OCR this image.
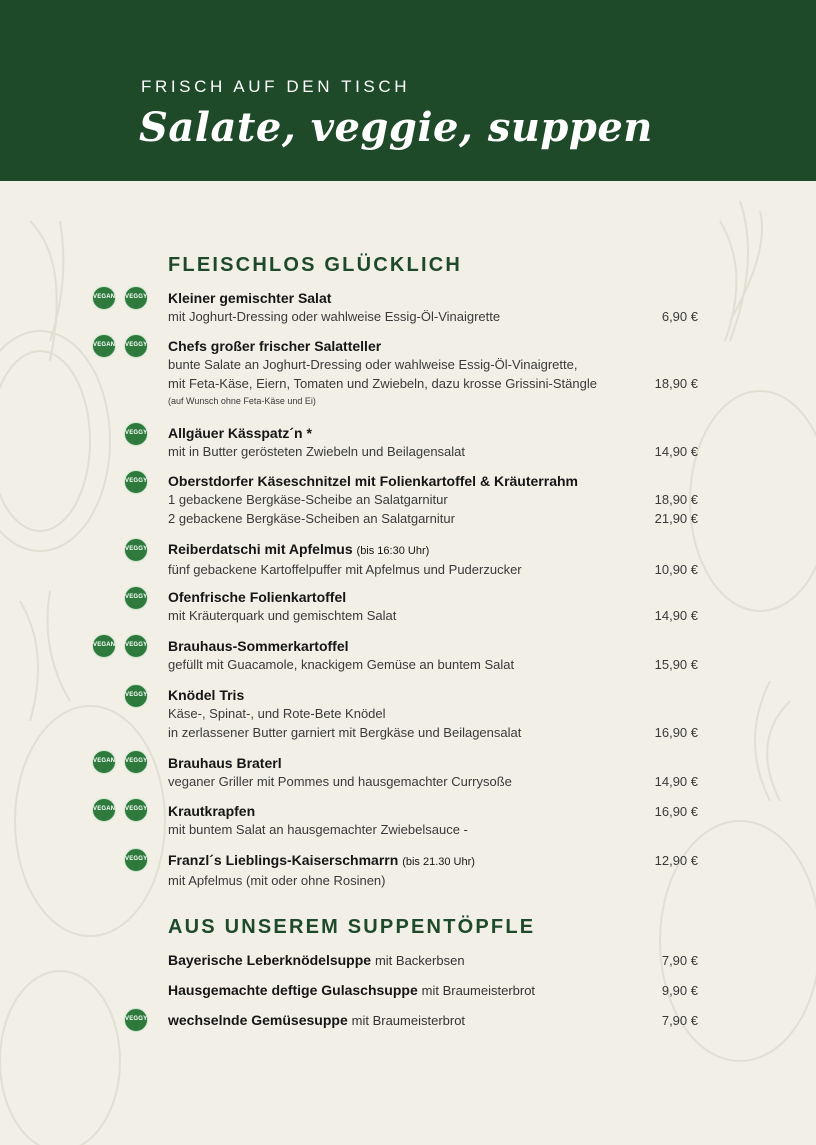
FRISCH AUF DEN TISCH
Salate, veggie, suppen
FLEISCHLOS GLÜCKLICH
VEGAN VEGGY Kleiner gemischter Salat
mit Joghurt-Dressing oder wahlweise Essig-Öl-Vinaigrette	6,90 €
VEGAN VEGGY Chefs großer frischer Salatteller
bunte Salate an Joghurt-Dressing oder wahlweise Essig-Öl-Vinaigrette,
mit Feta-Käse, Eiern, Tomaten und Zwiebeln, dazu krosse Grissini-Stängle	18,90 €
(auf Wunsch ohne Feta-Käse und Ei)
VEGGY Allgäuer Kässpatz´n *
mit in Butter gerösteten Zwiebeln und Beilagensalat	14,90 €
VEGGY Oberstdorfer Käseschnitzel mit Folienkartoffel & Kräuterrahm
1 gebackene Bergkäse-Scheibe an Salatgarnitur	18,90 €
2 gebackene Bergkäse-Scheiben an Salatgarnitur	21,90 €
VEGGY Reiberdatschi mit Apfelmus (bis 16:30 Uhr)
fünf gebackene Kartoffelpuffer mit Apfelmus und Puderzucker	10,90 €
VEGGY Ofenfrische Folienkartoffel
mit Kräuterquark und gemischtem Salat	14,90 €
VEGAN VEGGY Brauhaus-Sommerkartoffel
gefüllt mit Guacamole, knackigem Gemüse an buntem Salat	15,90 €
VEGGY Knödel Tris
Käse-, Spinat-, und Rote-Bete Knödel
in zerlassener Butter garniert mit Bergkäse und Beilagensalat	16,90 €
VEGAN VEGGY Brauhaus Braterl
veganer Griller mit Pommes und hausgemachter Currysoße	14,90 €
VEGAN VEGGY Krautkrapfen	16,90 €
mit buntem Salat an hausgemachter Zwiebelsauce -
VEGGY Franzl´s Lieblings-Kaiserschmarrn (bis 21.30 Uhr)	12,90 €
mit Apfelmus (mit oder ohne Rosinen)
AUS UNSEREM SUPPENTÖPFLE
Bayerische Leberknödelsuppe mit Backerbsen	7,90 €
Hausgemachte deftige Gulaschsuppe mit Braumeisterbrot	9,90 €
VEGGY wechselnde Gemüsesuppe mit Braumeisterbrot	7,90 €
